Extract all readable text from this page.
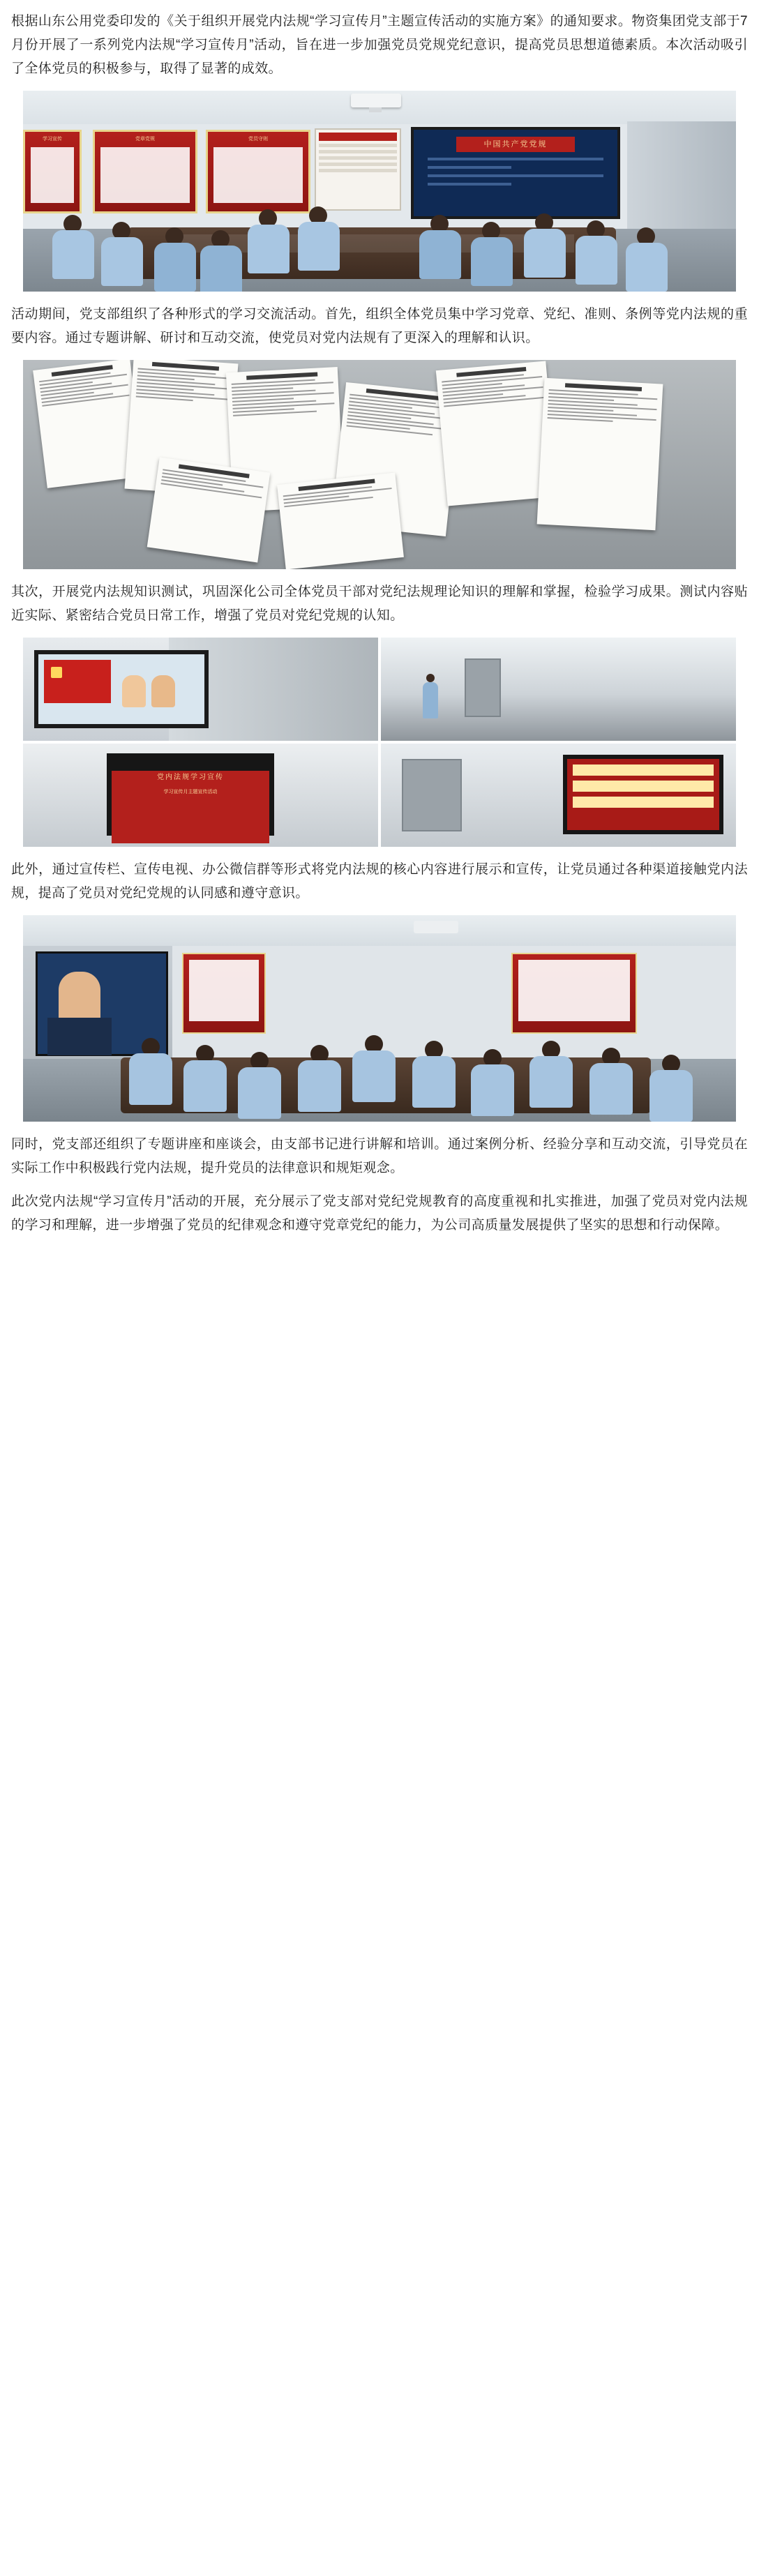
根据山东公用党委印发的《关于组织开展党内法规“学习宣传月”主题宣传活动的实施方案》的通知要求。物资集团党支部于7月份开展了一系列党内法规“学习宣传月”活动，旨在进一步加强党员党规党纪意识，提高党员思想道德素质。本次活动吸引了全体党员的积极参与，取得了显著的成效。

学习宣传	党章党规	党员守则
中国共产党党规

活动期间，党支部组织了各种形式的学习交流活动。首先，组织全体党员集中学习党章、党纪、准则、条例等党内法规的重要内容。通过专题讲解、研讨和互动交流，使党员对党内法规有了更深入的理解和认识。

其次，开展党内法规知识测试，巩固深化公司全体党员干部对党纪法规理论知识的理解和掌握，检验学习成果。测试内容贴近实际、紧密结合党员日常工作，增强了党员对党纪党规的认知。

党内法规学习宣传
学习宣传月主题宣传活动

此外，通过宣传栏、宣传电视、办公微信群等形式将党内法规的核心内容进行展示和宣传，让党员通过各种渠道接触党内法规，提高了党员对党纪党规的认同感和遵守意识。

同时，党支部还组织了专题讲座和座谈会，由支部书记进行讲解和培训。通过案例分析、经验分享和互动交流，引导党员在实际工作中积极践行党内法规，提升党员的法律意识和规矩观念。

此次党内法规“学习宣传月”活动的开展，充分展示了党支部对党纪党规教育的高度重视和扎实推进，加强了党员对党内法规的学习和理解，进一步增强了党员的纪律观念和遵守党章党纪的能力，为公司高质量发展提供了坚实的思想和行动保障。
